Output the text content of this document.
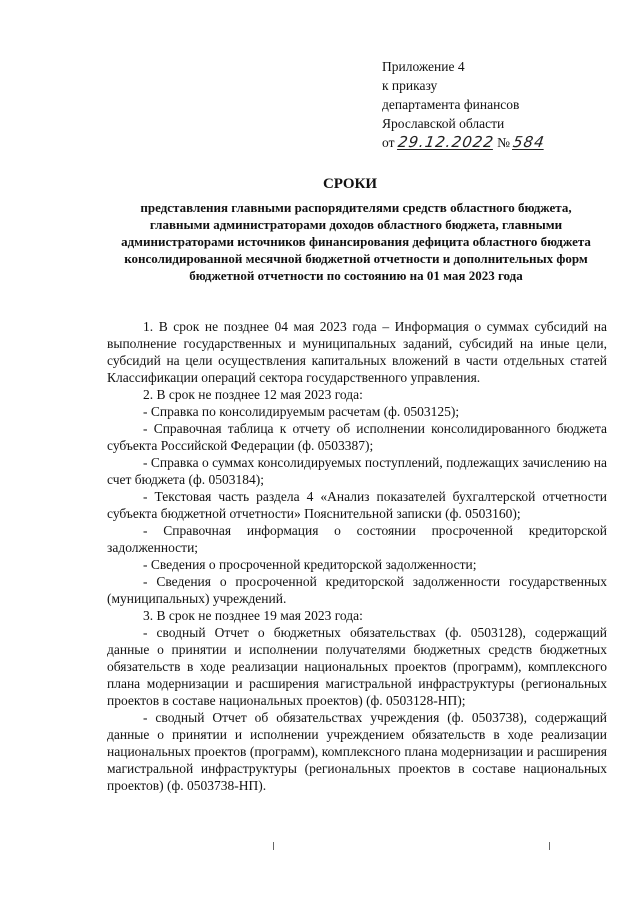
Приложение 4
к приказу
департамента финансов
Ярославской области
от 29.12.2022 № 584
СРОКИ
представления главными распорядителями средств областного бюджета, главными администраторами доходов областного бюджета, главными администраторами источников финансирования дефицита областного бюджета консолидированной месячной бюджетной отчетности и дополнительных форм бюджетной отчетности по состоянию на 01 мая 2023 года

1. В срок не позднее 04 мая 2023 года – Информация о суммах субсидий на выполнение государственных и муниципальных заданий, субсидий на иные цели, субсидий на цели осуществления капитальных вложений в части отдельных статей Классификации операций сектора государственного управления.

2. В срок не позднее 12 мая 2023 года:

- Справка по консолидируемым расчетам (ф. 0503125);

- Справочная таблица к отчету об исполнении консолидированного бюджета субъекта Российской Федерации (ф. 0503387);

- Справка о суммах консолидируемых поступлений, подлежащих зачислению на счет бюджета (ф. 0503184);

- Текстовая часть раздела 4 «Анализ показателей бухгалтерской отчетности субъекта бюджетной отчетности» Пояснительной записки (ф. 0503160);

- Справочная информация о состоянии просроченной кредиторской задолженности;

- Сведения о просроченной кредиторской задолженности;

- Сведения о просроченной кредиторской задолженности государственных (муниципальных) учреждений.

3. В срок не позднее 19 мая 2023 года:

- сводный Отчет о бюджетных обязательствах (ф. 0503128), содержащий данные о принятии и исполнении получателями бюджетных средств бюджетных обязательств в ходе реализации национальных проектов (программ), комплексного плана модернизации и расширения магистральной инфраструктуры (региональных проектов в составе национальных проектов) (ф. 0503128-НП);

- сводный Отчет об обязательствах учреждения (ф. 0503738), содержащий данные о принятии и исполнении учреждением обязательств в ходе реализации национальных проектов (программ), комплексного плана модернизации и расширения магистральной инфраструктуры (региональных проектов в составе национальных проектов) (ф. 0503738-НП).
